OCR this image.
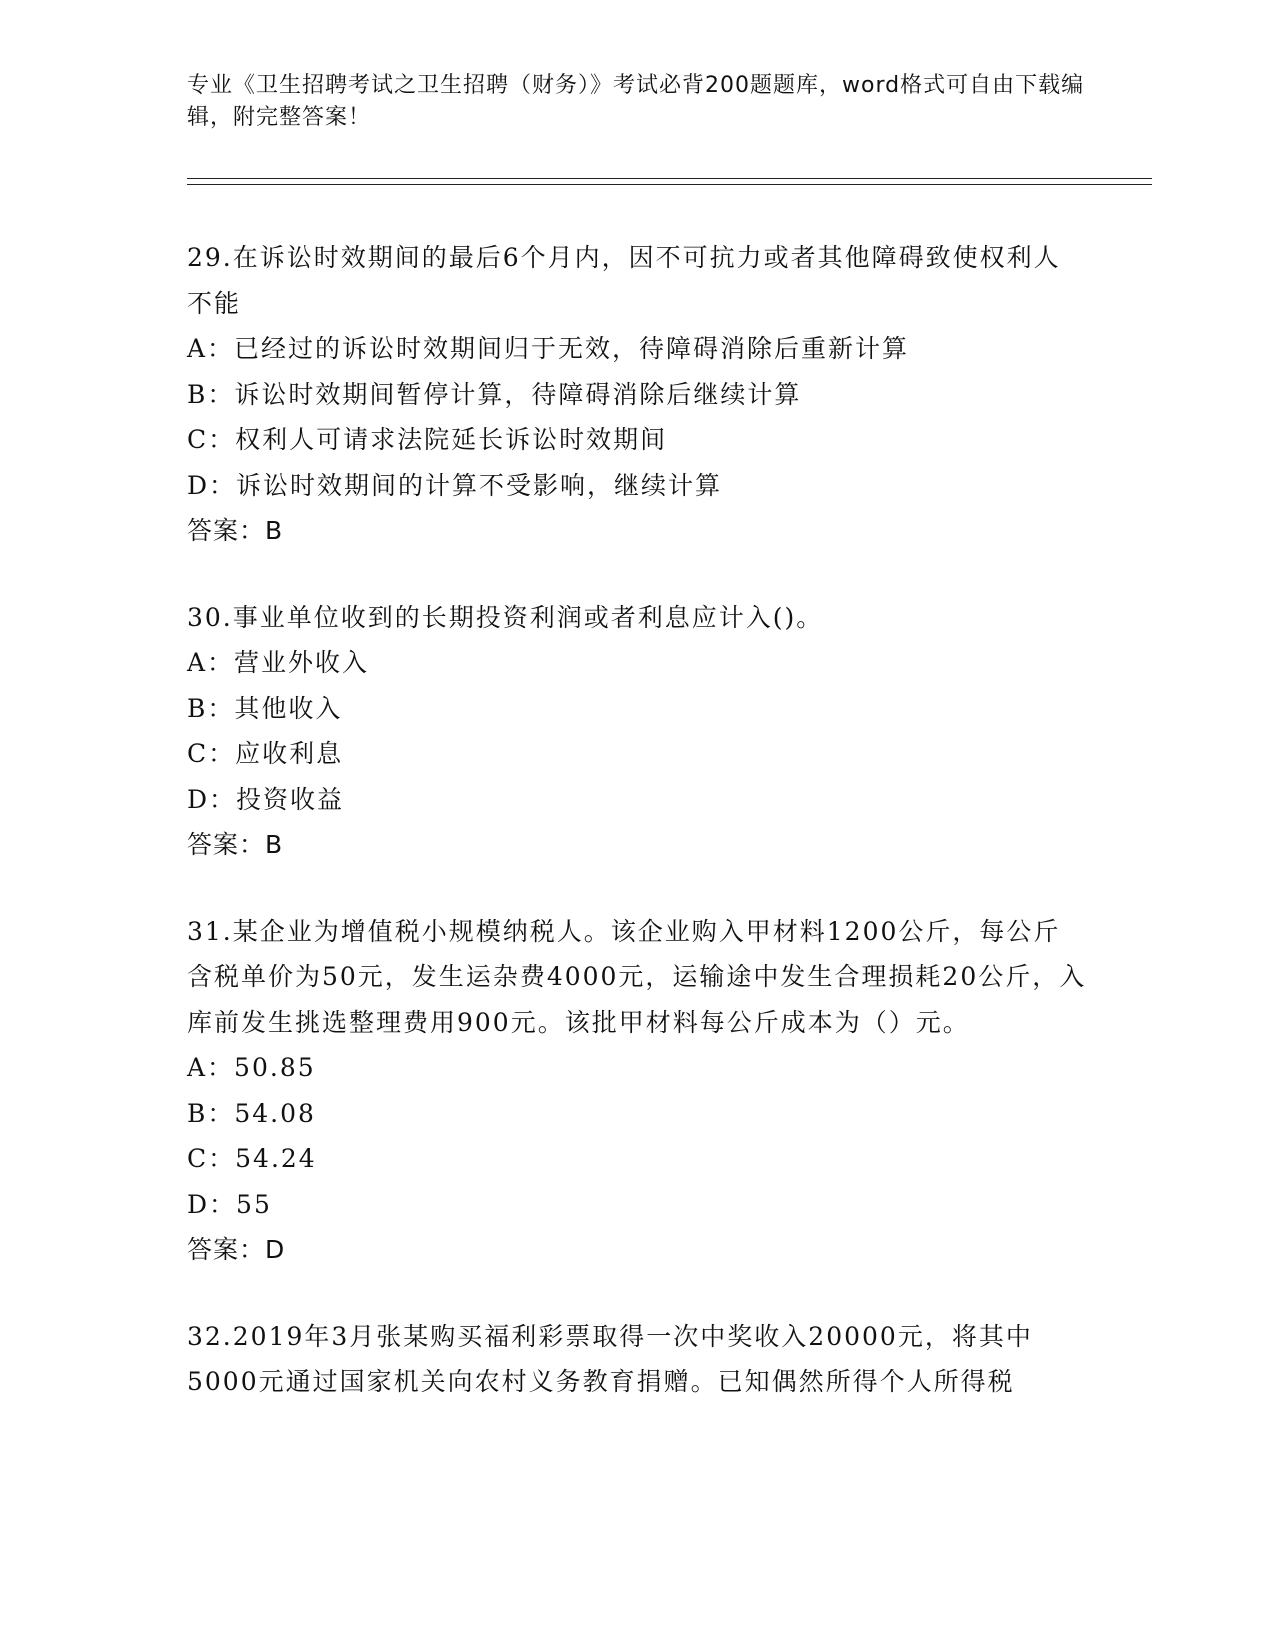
专业《卫生招聘考试之卫生招聘（财务）》考试必背200题题库，word格式可自由下载编辑，附完整答案！

29.在诉讼时效期间的最后6个月内，因不可抗力或者其他障碍致使权利人不能

A：已经过的诉讼时效期间归于无效，待障碍消除后重新计算

B：诉讼时效期间暂停计算，待障碍消除后继续计算

C：权利人可请求法院延长诉讼时效期间

D：诉讼时效期间的计算不受影响，继续计算

答案：B

30.事业单位收到的长期投资利润或者利息应计入()。

A：营业外收入

B：其他收入

C：应收利息

D：投资收益

答案：B

31.某企业为增值税小规模纳税人。该企业购入甲材料1200公斤，每公斤含税单价为50元，发生运杂费4000元，运输途中发生合理损耗20公斤，入库前发生挑选整理费用900元。该批甲材料每公斤成本为（）元。

A：50.85

B：54.08

C：54.24

D：55

答案：D

32.2019年3月张某购买福利彩票取得一次中奖收入20000元，将其中5000元通过国家机关向农村义务教育捐赠。已知偶然所得个人所得税
